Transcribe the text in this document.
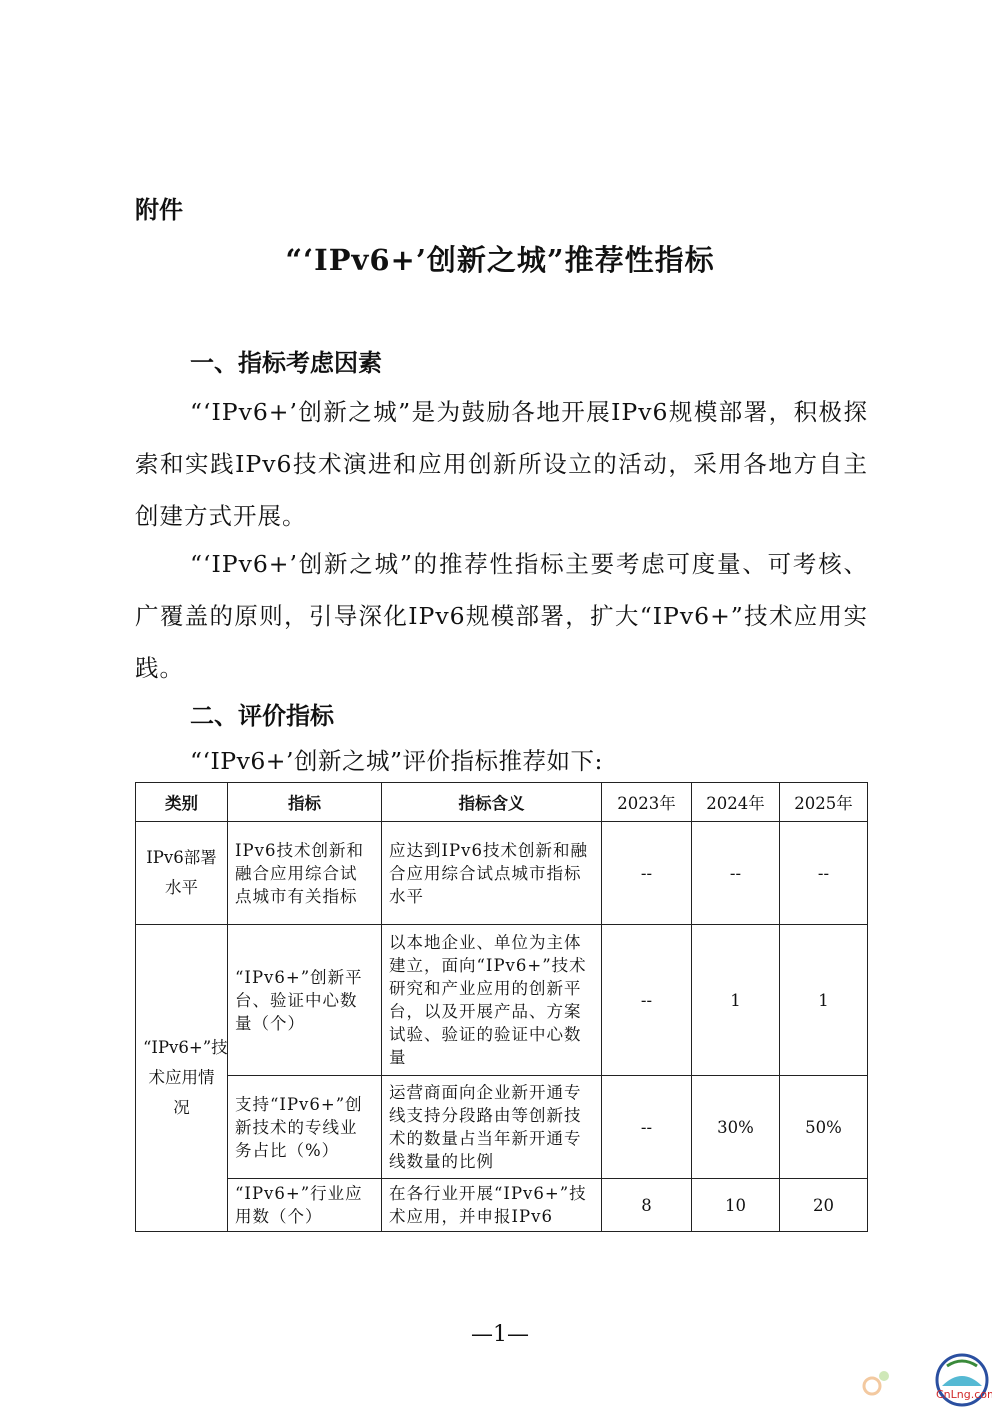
附件
“‘IPv6+’创新之城”推荐性指标
一、指标考虑因素
“‘IPv6+’创新之城”是为鼓励各地开展IPv6规模部署，积极探索和实践IPv6技术演进和应用创新所设立的活动，采用各地方自主创建方式开展。
“‘IPv6+’创新之城”的推荐性指标主要考虑可度量、可考核、广覆盖的原则，引导深化IPv6规模部署，扩大“IPv6+”技术应用实践。
二、评价指标
“‘IPv6+’创新之城”评价指标推荐如下:
类别	指标	指标含义	2023年	2024年	2025年
IPv6部署水平	IPv6技术创新和融合应用综合试点城市有关指标	应达到IPv6技术创新和融合应用综合试点城市指标水平	--	--	--
“IPv6+”技术应用情况	“IPv6+”创新平台、验证中心数量（个）	以本地企业、单位为主体建立，面向“IPv6+”技术研究和产业应用的创新平台，以及开展产品、方案试验、验证的验证中心数量	--	1	1
	支持“IPv6+”创新技术的专线业务占比（%）	运营商面向企业新开通专线支持分段路由等创新技术的数量占当年新开通专线数量的比例	--	30%	50%
	“IPv6+”行业应用数（个）	在各行业开展“IPv6+”技术应用，并申报IPv6	8	10	20
—1—
CnLng.com
